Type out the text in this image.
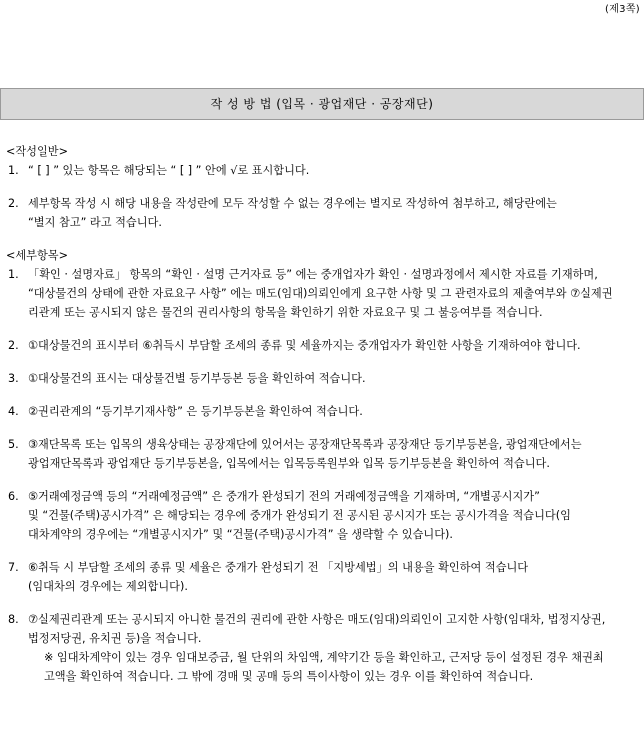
(제3쪽)
작 성 방 법 (입목 · 광업재단 · 공장재단)
<작성일반>
1. “ [ ] ” 있는 항목은 해당되는 “ [ ] ” 안에 √로 표시합니다.
2. 세부항목 작성 시 해당 내용을 작성란에 모두 작성할 수 없는 경우에는 별지로 작성하여 첨부하고, 해당란에는
“별지 참고” 라고 적습니다.
<세부항목>
1. 「확인 · 설명자료」 항목의 “확인 · 설명 근거자료 등” 에는 중개업자가 확인 · 설명과정에서 제시한 자료를 기재하며,
“대상물건의 상태에 관한 자료요구 사항” 에는 매도(임대)의뢰인에게 요구한 사항 및 그 관련자료의 제출여부와 ⑦실제권
리관계 또는 공시되지 않은 물건의 권리사항의 항목을 확인하기 위한 자료요구 및 그 불응여부를 적습니다.
2. ①대상물건의 표시부터 ⑥취득시 부담할 조세의 종류 및 세율까지는 중개업자가 확인한 사항을 기재하여야 합니다.
3. ①대상물건의 표시는 대상물건별 등기부등본 등을 확인하여 적습니다.
4. ②권리관계의 “등기부기재사항” 은 등기부등본을 확인하여 적습니다.
5. ③재단목록 또는 입목의 생육상태는 공장재단에 있어서는 공장재단목록과 공장재단 등기부등본을, 광업재단에서는
광업재단목록과 광업재단 등기부등본을, 입목에서는 입목등록원부와 입목 등기부등본을 확인하여 적습니다.
6. ⑤거래예정금액 등의 “거래예정금액” 은 중개가 완성되기 전의 거래예정금액을 기재하며, “개별공시지가”
및 “건물(주택)공시가격” 은 해당되는 경우에 중개가 완성되기 전 공시된 공시지가 또는 공시가격을 적습니다(임
대차계약의 경우에는 “개별공시지가” 및 “건물(주택)공시가격” 을 생략할 수 있습니다).
7. ⑥취득 시 부담할 조세의 종류 및 세율은 중개가 완성되기 전 「지방세법」의 내용을 확인하여 적습니다
(임대차의 경우에는 제외합니다).
8. ⑦실제권리관계 또는 공시되지 아니한 물건의 권리에 관한 사항은 매도(임대)의뢰인이 고지한 사항(임대차, 법정지상권,
법정저당권, 유치권 등)을 적습니다.
※ 임대차계약이 있는 경우 임대보증금, 월 단위의 차임액, 계약기간 등을 확인하고, 근저당 등이 설정된 경우 채권최
고액을 확인하여 적습니다. 그 밖에 경매 및 공매 등의 특이사항이 있는 경우 이를 확인하여 적습니다.
